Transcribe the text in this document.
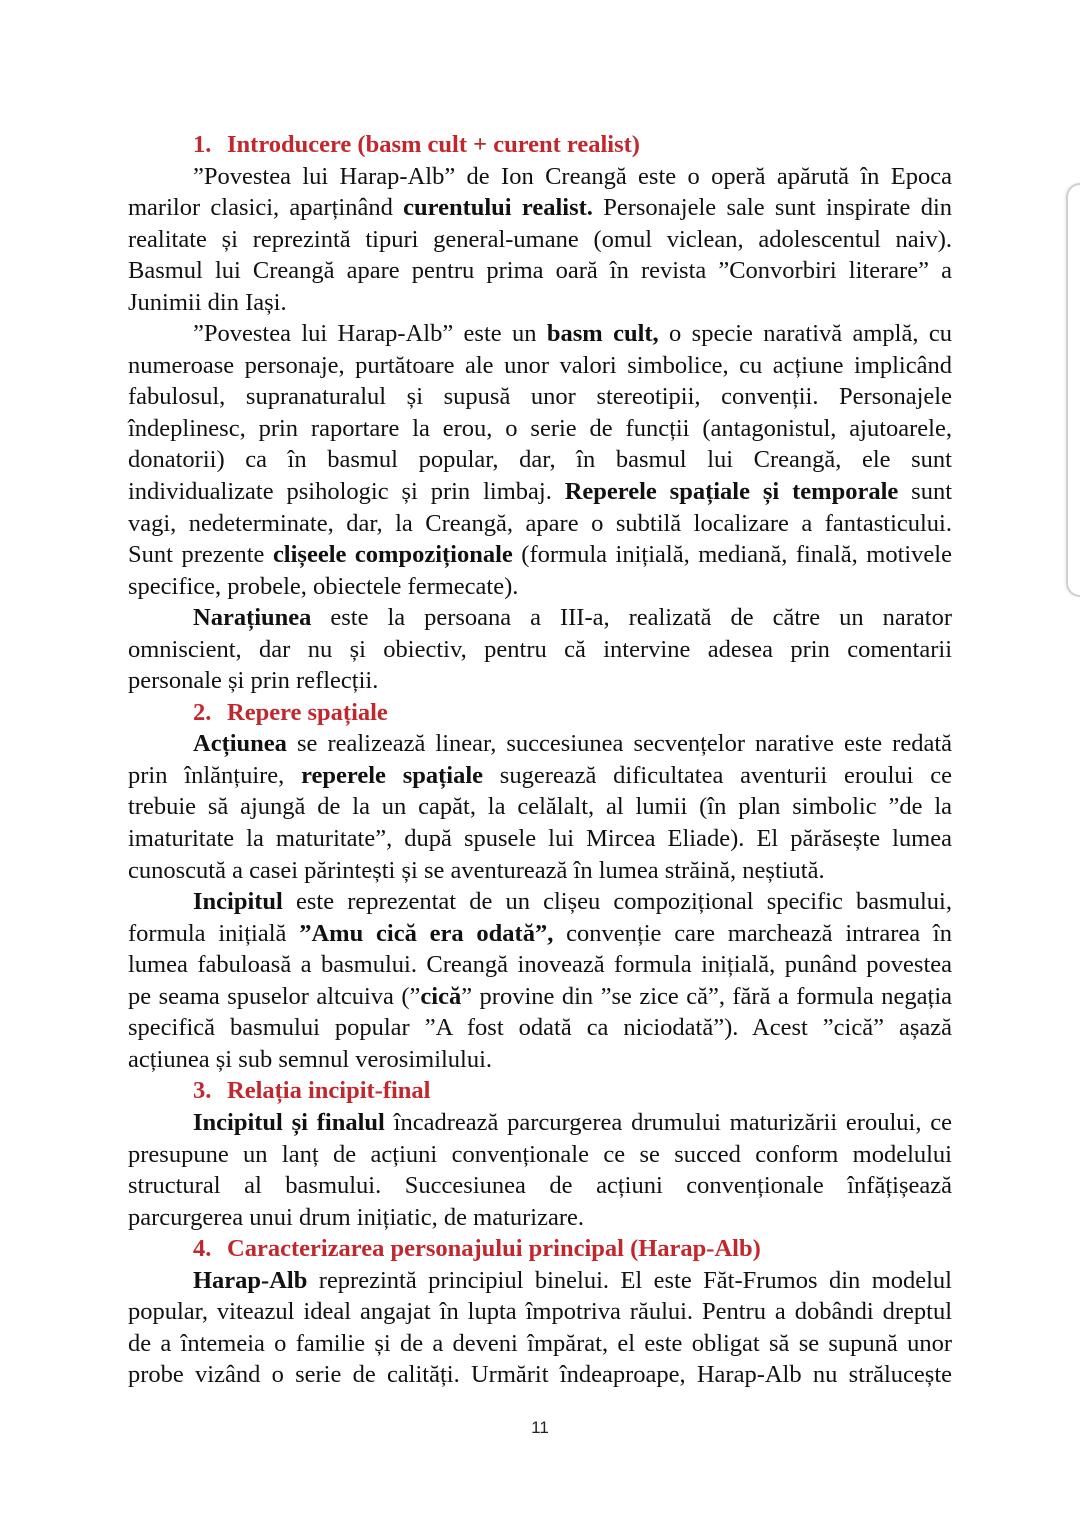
1. Introducere (basm cult + curent realist)
”Povestea lui Harap-Alb” de Ion Creangă este o operă apărută în Epoca
marilor clasici, aparținând curentului realist. Personajele sale sunt inspirate din
realitate și reprezintă tipuri general-umane (omul viclean, adolescentul naiv).
Basmul lui Creangă apare pentru prima oară în revista ”Convorbiri literare” a
Junimii din Iași.
”Povestea lui Harap-Alb” este un basm cult, o specie narativă amplă, cu
numeroase personaje, purtătoare ale unor valori simbolice, cu acțiune implicând
fabulosul, supranaturalul și supusă unor stereotipii, convenții. Personajele
îndeplinesc, prin raportare la erou, o serie de funcții (antagonistul, ajutoarele,
donatorii) ca în basmul popular, dar, în basmul lui Creangă, ele sunt
individualizate psihologic și prin limbaj. Reperele spațiale și temporale sunt
vagi, nedeterminate, dar, la Creangă, apare o subtilă localizare a fantasticului.
Sunt prezente clișeele compoziționale (formula inițială, mediană, finală, motivele
specifice, probele, obiectele fermecate).
Narațiunea este la persoana a III-a, realizată de către un narator
omniscient, dar nu și obiectiv, pentru că intervine adesea prin comentarii
personale și prin reflecții.
2. Repere spațiale
Acțiunea se realizează linear, succesiunea secvențelor narative este redată
prin înlănțuire, reperele spațiale sugerează dificultatea aventurii eroului ce
trebuie să ajungă de la un capăt, la celălalt, al lumii (în plan simbolic ”de la
imaturitate la maturitate”, după spusele lui Mircea Eliade). El părăsește lumea
cunoscută a casei părintești și se aventurează în lumea străină, neștiută.
Incipitul este reprezentat de un clișeu compozițional specific basmului,
formula inițială ”Amu cică era odată”, convenție care marchează intrarea în
lumea fabuloasă a basmului. Creangă inovează formula inițială, punând povestea
pe seama spuselor altcuiva (”cică” provine din ”se zice că”, fără a formula negația
specifică basmului popular ”A fost odată ca niciodată”). Acest ”cică” așază
acțiunea și sub semnul verosimilului.
3. Relația incipit-final
Incipitul și finalul încadrează parcurgerea drumului maturizării eroului, ce
presupune un lanț de acțiuni convenționale ce se succed conform modelului
structural al basmului. Succesiunea de acțiuni convenționale înfățișează
parcurgerea unui drum inițiatic, de maturizare.
4. Caracterizarea personajului principal (Harap-Alb)
Harap-Alb reprezintă principiul binelui. El este Făt-Frumos din modelul
popular, viteazul ideal angajat în lupta împotriva răului. Pentru a dobândi dreptul
de a întemeia o familie și de a deveni împărat, el este obligat să se supună unor
probe vizând o serie de calități. Urmărit îndeaproape, Harap-Alb nu strălucește
11
